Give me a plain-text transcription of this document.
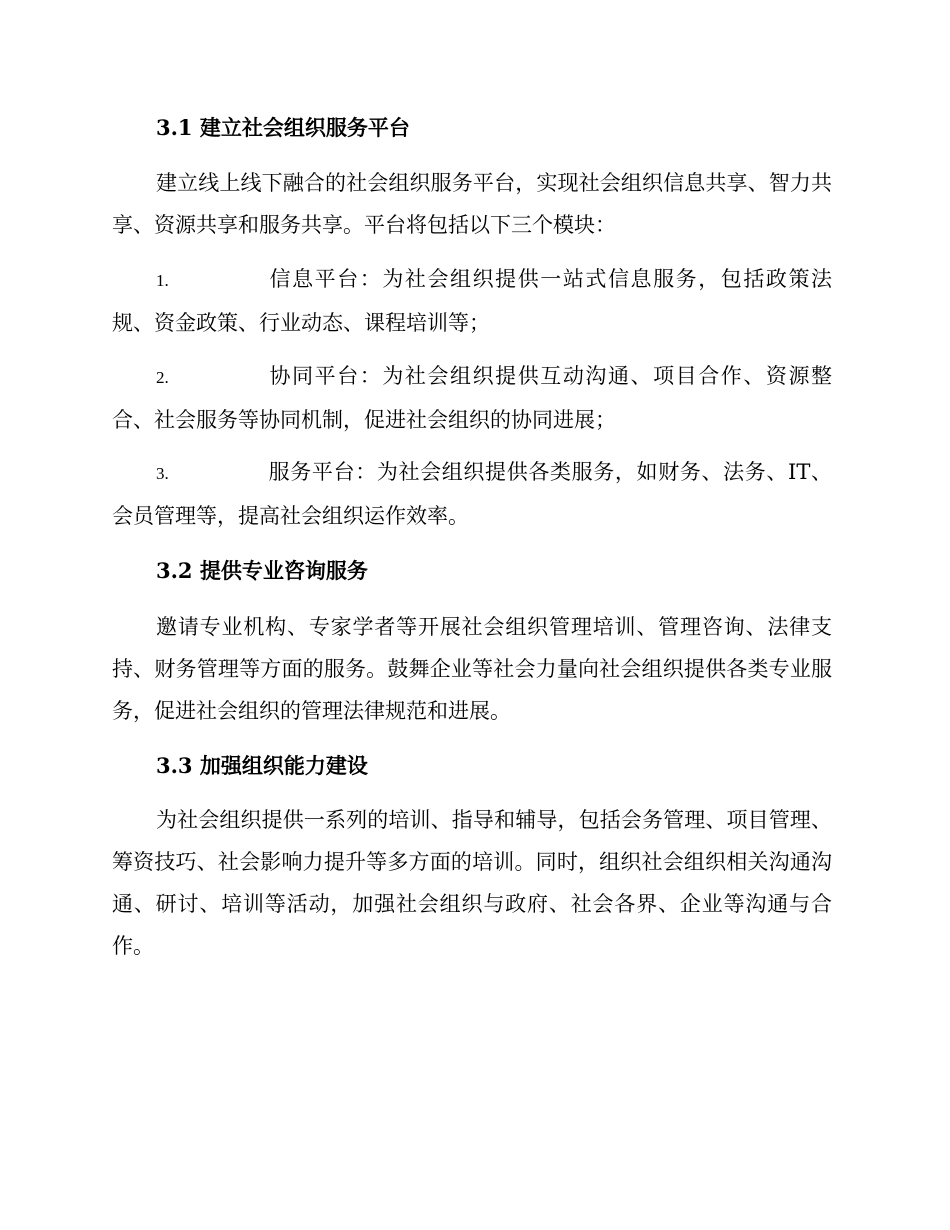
3.1 建立社会组织服务平台
建立线上线下融合的社会组织服务平台，实现社会组织信息共享、智力共享、资源共享和服务共享。平台将包括以下三个模块：
1.	信息平台：为社会组织提供一站式信息服务，包括政策法规、资金政策、行业动态、课程培训等；
2.	协同平台：为社会组织提供互动沟通、项目合作、资源整合、社会服务等协同机制，促进社会组织的协同进展；
3.	服务平台：为社会组织提供各类服务，如财务、法务、IT、会员管理等，提高社会组织运作效率。
3.2 提供专业咨询服务
邀请专业机构、专家学者等开展社会组织管理培训、管理咨询、法律支持、财务管理等方面的服务。鼓舞企业等社会力量向社会组织提供各类专业服务，促进社会组织的管理法律规范和进展。
3.3 加强组织能力建设
为社会组织提供一系列的培训、指导和辅导，包括会务管理、项目管理、筹资技巧、社会影响力提升等多方面的培训。同时，组织社会组织相关沟通沟通、研讨、培训等活动，加强社会组织与政府、社会各界、企业等沟通与合作。
